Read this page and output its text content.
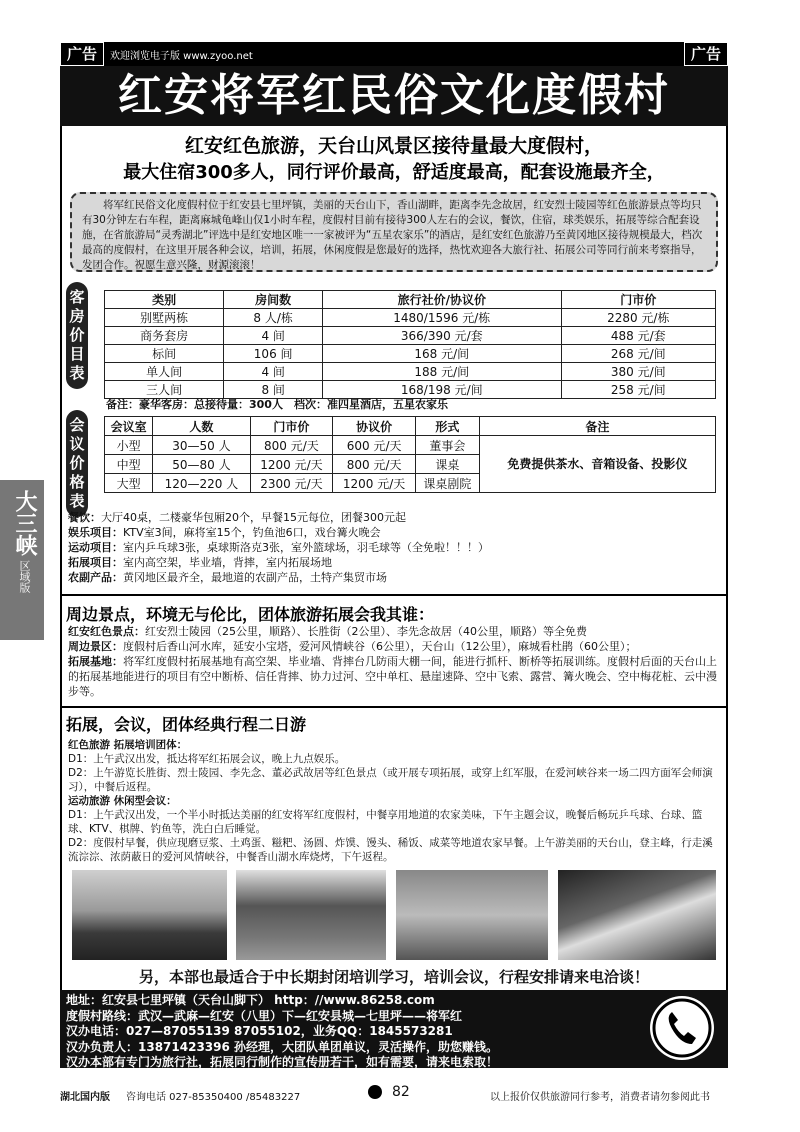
广告	广告
欢迎浏览电子版 www.zyoo.net
红安将军红民俗文化度假村
红安红色旅游，天台山风景区接待量最大度假村，
最大住宿300多人，同行评价最高，舒适度最高，配套设施最齐全，
将军红民俗文化度假村位于红安县七里坪镇，美丽的天台山下，香山湖畔，距离李先念故居，红安烈士陵园等红色旅游景点等均只有30分钟左右车程，距离麻城龟峰山仅1小时车程，度假村目前有接待300人左右的会议，餐饮，住宿，球类娱乐，拓展等综合配套设施，在省旅游局“灵秀湖北”评选中是红安地区唯一一家被评为“五星农家乐”的酒店，是红安红色旅游乃至黄冈地区接待规模最大，档次最高的度假村，在这里开展各种会议，培训，拓展，休闲度假是您最好的选择，热忱欢迎各大旅行社、拓展公司等同行前来考察指导，发团合作。祝愿生意兴隆，财源滚滚！
客房价目表
类别	房间数	旅行社价/协议价	门市价
别墅两栋	8 人/栋	1480/1596 元/栋	2280 元/栋
商务套房	4 间	366/390 元/套	488 元/套
标间	106 间	168 元/间	268 元/间
单人间	4 间	188 元/间	380 元/间
三人间	8 间	168/198 元/间	258 元/间
备注：豪华客房：总接待量：300人　档次：准四星酒店，五星农家乐
会议价格表
会议室	人数	门市价	协议价	形式	备注
小型	30—50 人	800 元/天	600 元/天	董事会	免费提供茶水、音箱设备、投影仪
中型	50—80 人	1200 元/天	800 元/天	课桌	
大型	120—220 人	2300 元/天	1200 元/天	课桌剧院	
餐饮：大厅40桌，二楼豪华包厢20个，早餐15元每位，团餐300元起
娱乐项目：KTV室3间，麻将室15个，钓鱼池6口，戏台篝火晚会
运动项目：室内乒乓球3张，桌球斯洛克3张，室外篮球场，羽毛球等（全免啦！！！）
拓展项目：室内高空架，毕业墙，背摔，室内拓展场地
农副产品：黄冈地区最齐全，最地道的农副产品，土特产集贸市场
周边景点，环境无与伦比，团体旅游拓展会我其谁：
红安红色景点：红安烈士陵园（25公里，顺路）、长胜街（2公里）、李先念故居（40公里，顺路）等全免费
周边景区：度假村后香山河水库，延安小宝塔，爱河风情峡谷（6公里），天台山（12公里），麻城看杜鹃（60公里）；
拓展基地：将军红度假村拓展基地有高空架、毕业墙、背摔台几防雨大棚一间，能进行抓杆、断桥等拓展训练。度假村后面的天台山上的拓展基地能进行的项目有空中断桥、信任背摔、协力过河、空中单杠、悬崖速降、空中飞索、露营、篝火晚会、空中梅花桩、云中漫步等。
拓展，会议，团体经典行程二日游
红色旅游 拓展培训团体：
D1：上午武汉出发，抵达将军红拓展会议，晚上九点娱乐。
D2：上午游览长胜街、烈士陵园、李先念、董必武故居等红色景点（或开展专项拓展，或穿上红军服，在爱河峡谷来一场二四方面军会师演习），中餐后返程。
运动旅游 休闲型会议：
D1：上午武汉出发，一个半小时抵达美丽的红安将军红度假村，中餐享用地道的农家美味，下午主题会议，晚餐后畅玩乒乓球、台球、篮球、KTV、棋牌、钓鱼等，洗白白后睡觉。
D2：度假村早餐，供应现磨豆浆、土鸡蛋、糍粑、汤圆、炸馍、馒头、稀饭、咸菜等地道农家早餐。上午游美丽的天台山，登主峰，行走溪流淙淙、浓荫蔽日的爱河风情峡谷，中餐香山湖水库烧烤，下午返程。
另，本部也最适合于中长期封闭培训学习，培训会议，行程安排请来电洽谈！
地址：红安县七里坪镇（天台山脚下） http：//www.86258.com
度假村路线：武汉—武麻—红安（八里）下—红安县城—七里坪——将军红
汉办电话：027—87055139 87055102，业务QQ：1845573281
汉办负责人：13871423396 孙经理，大团队单团单议，灵活操作，助您赚钱。
汉办本部有专门为旅行社，拓展同行制作的宣传册若干，如有需要，请来电索取！
湖北国内版 咨询电话 027-85350400 /85483227	82	以上报价仅供旅游同行参考，消费者请勿参阅此书
大三峡
区域版
